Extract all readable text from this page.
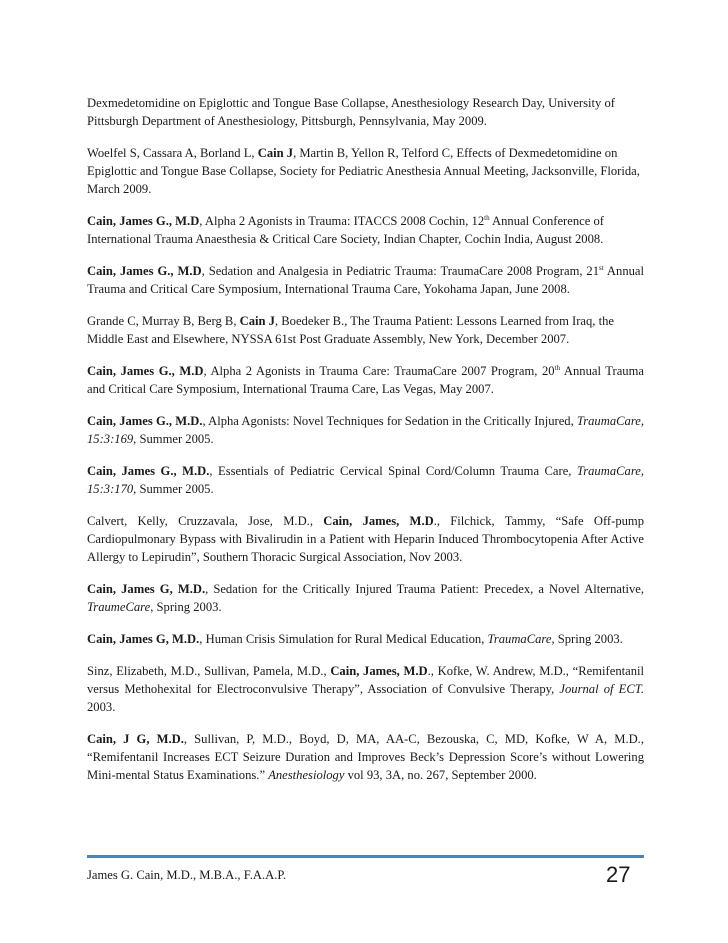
Dexmedetomidine on Epiglottic and Tongue Base Collapse, Anesthesiology Research Day, University of Pittsburgh Department of Anesthesiology, Pittsburgh, Pennsylvania, May 2009.

Woelfel S, Cassara A, Borland L, Cain J, Martin B, Yellon R, Telford C, Effects of Dexmedetomidine on Epiglottic and Tongue Base Collapse, Society for Pediatric Anesthesia Annual Meeting, Jacksonville, Florida, March 2009.

Cain, James G., M.D, Alpha 2 Agonists in Trauma: ITACCS 2008 Cochin, 12th Annual Conference of International Trauma Anaesthesia & Critical Care Society, Indian Chapter, Cochin India, August 2008.

Cain, James G., M.D, Sedation and Analgesia in Pediatric Trauma: TraumaCare 2008 Program, 21st Annual Trauma and Critical Care Symposium, International Trauma Care, Yokohama Japan, June 2008.

Grande C, Murray B, Berg B, Cain J, Boedeker B., The Trauma Patient: Lessons Learned from Iraq, the Middle East and Elsewhere, NYSSA 61st Post Graduate Assembly, New York, December 2007.

Cain, James G., M.D, Alpha 2 Agonists in Trauma Care: TraumaCare 2007 Program, 20th Annual Trauma and Critical Care Symposium, International Trauma Care, Las Vegas, May 2007.

Cain, James G., M.D., Alpha Agonists: Novel Techniques for Sedation in the Critically Injured, TraumaCare, 15:3:169, Summer 2005.

Cain, James G., M.D., Essentials of Pediatric Cervical Spinal Cord/Column Trauma Care, TraumaCare, 15:3:170, Summer 2005.

Calvert, Kelly, Cruzzavala, Jose, M.D., Cain, James, M.D., Filchick, Tammy, “Safe Off-pump Cardiopulmonary Bypass with Bivalirudin in a Patient with Heparin Induced Thrombocytopenia After Active Allergy to Lepirudin”, Southern Thoracic Surgical Association, Nov 2003.

Cain, James G, M.D., Sedation for the Critically Injured Trauma Patient: Precedex, a Novel Alternative, TraumeCare, Spring 2003.

Cain, James G, M.D., Human Crisis Simulation for Rural Medical Education, TraumaCare, Spring 2003.

Sinz, Elizabeth, M.D., Sullivan, Pamela, M.D., Cain, James, M.D., Kofke, W. Andrew, M.D., “Remifentanil versus Methohexital for Electroconvulsive Therapy”, Association of Convulsive Therapy, Journal of ECT. 2003.

Cain, J G, M.D., Sullivan, P, M.D., Boyd, D, MA, AA-C, Bezouska, C, MD, Kofke, W A, M.D., “Remifentanil Increases ECT Seizure Duration and Improves Beck’s Depression Score’s without Lowering Mini-mental Status Examinations.” Anesthesiology vol 93, 3A, no. 267, September 2000.

James G. Cain, M.D., M.B.A., F.A.A.P.	27
